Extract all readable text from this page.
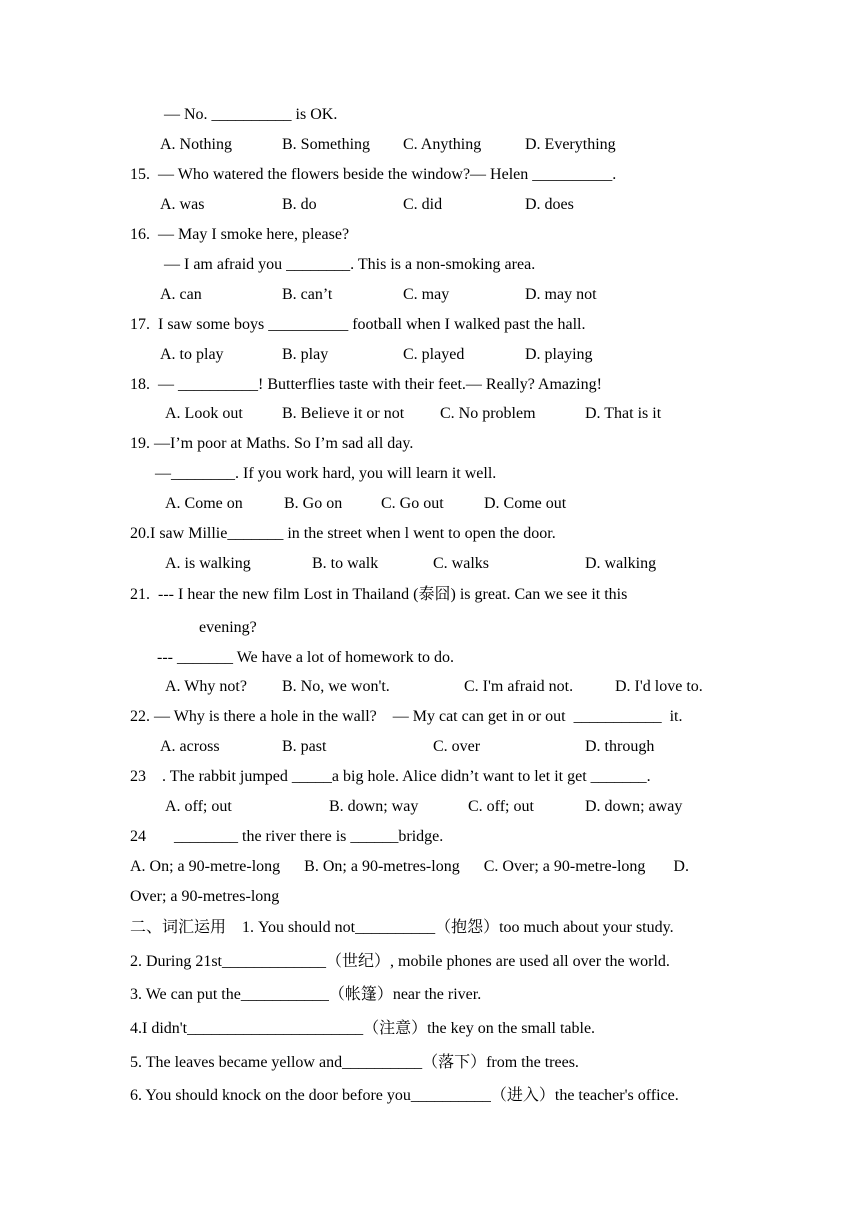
— No. __________ is OK.
A. Nothing	B. Something C. Anything	D. Everything
15.  — Who watered the flowers beside the window?— Helen __________.
A. was	B. do	C. did	D. does
16.  — May I smoke here, please?
— I am afraid you ________. This is a non-smoking area.
A. can	B. can’t	C. may	D. may not
17.  I saw some boys __________ football when I walked past the hall.
A. to play	B. play	C. played	D. playing
18.  — __________! Butterflies taste with their feet.— Really? Amazing!
A. Look out B. Believe it or not C. No problem	D. That is it
19. —I’m poor at Maths. So I’m sad all day.
—________. If you work hard, you will learn it well.
A. Come on	B. Go on C. Go out	D. Come out
20.I saw Millie_______ in the street when l went to open the door.
A. is walking	B. to walk	C. walks	D. walking
21.  --- I hear the new film Lost in Thailand (泰囧) is great. Can we see it this
evening?
--- _______ We have a lot of homework to do.
A. Why not? B. No, we won't.	C. I'm afraid not.	D. I'd love to.
22. — Why is there a hole in the wall?    — My cat can get in or out  ___________  it.
A. across	B. past	C. over	D. through
23    . The rabbit jumped _____a big hole. Alice didn’t want to let it get _______.
A. off; out	B. down; way	C. off; out	D. down; away
24       ________ the river there is ______bridge.
A. On; a 90-metre-long      B. On; a 90-metres-long      C. Over; a 90-metre-long       D.
Over; a 90-metres-long
二、词汇运用    1. You should not__________（抱怨）too much about your study.
2. During 21st_____________（世纪）, mobile phones are used all over the world.
3. We can put the___________（帐篷）near the river.
4.I didn't______________________（注意）the key on the small table.
5. The leaves became yellow and__________（落下）from the trees.
6. You should knock on the door before you__________（进入）the teacher's office.
